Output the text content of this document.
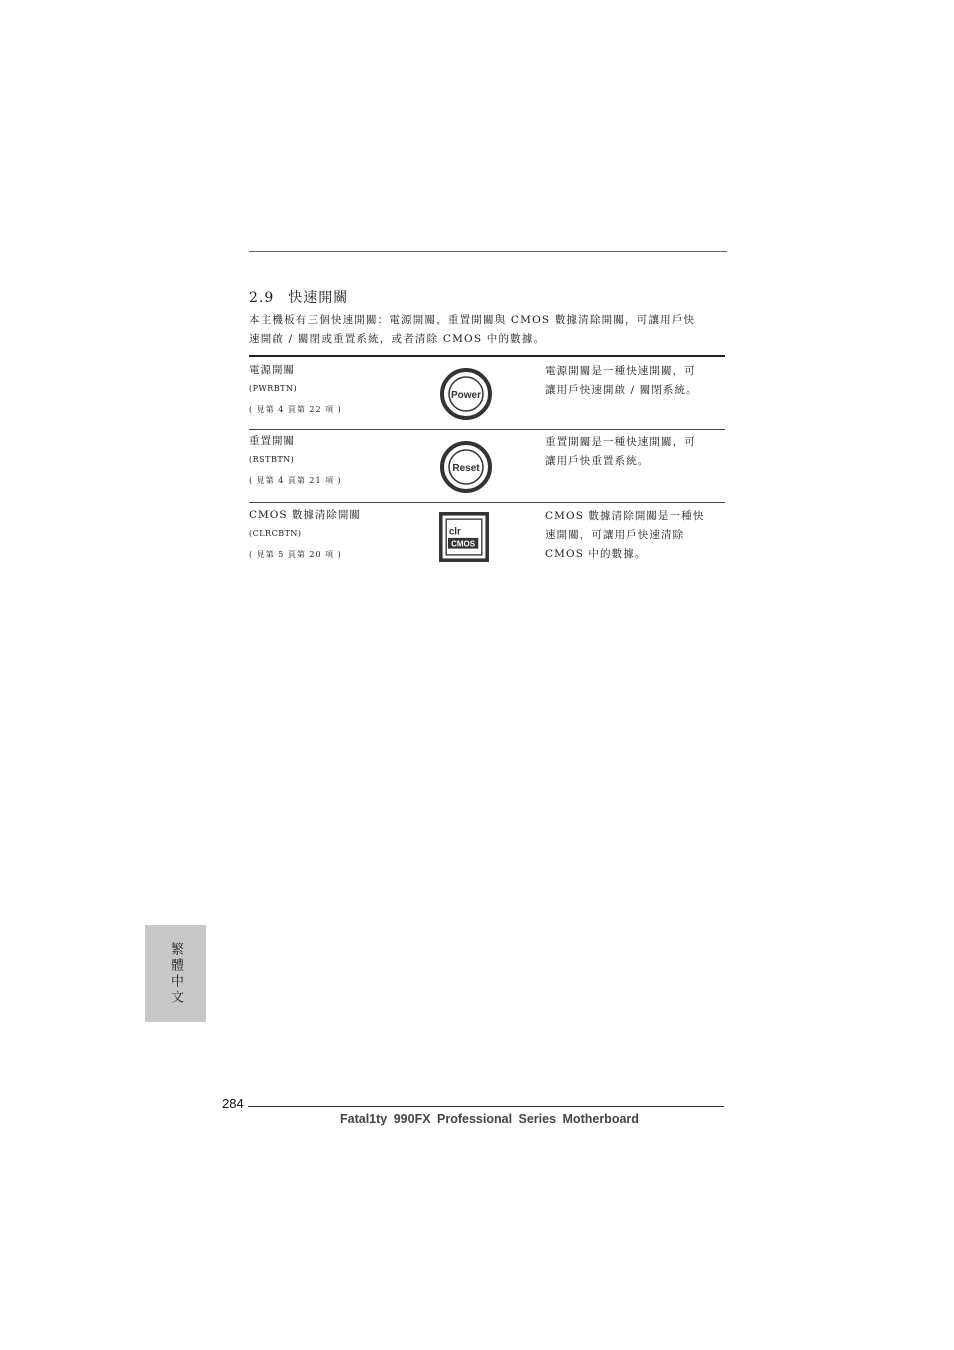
2.9 快速開關

本主機板有三個快速開關：電源開關，重置開關與 CMOS 數據清除開關，可讓用戶快

速開啟 / 關閉或重置系統，或者清除 CMOS 中的數據。

電源開關
(PWRBTN)
( 見第 4 頁第 22 項 )
Power

電源開關是一種快速開關，可

讓用戶快速開啟 / 關閉系統。

重置開關
(RSTBTN)
( 見第 4 頁第 21 項 )
Reset

重置開關是一種快速開關，可

讓用戶快重置系統。

CMOS 數據清除開關
(CLRCBTN)
( 見第 5 頁第 20 項 )
clr
CMOS

CMOS 數據清除開關是一種快

速開關，可讓用戶快速清除

CMOS 中的數據。

繁體中文
284
Fatal1ty 990FX Professional Series Motherboard
